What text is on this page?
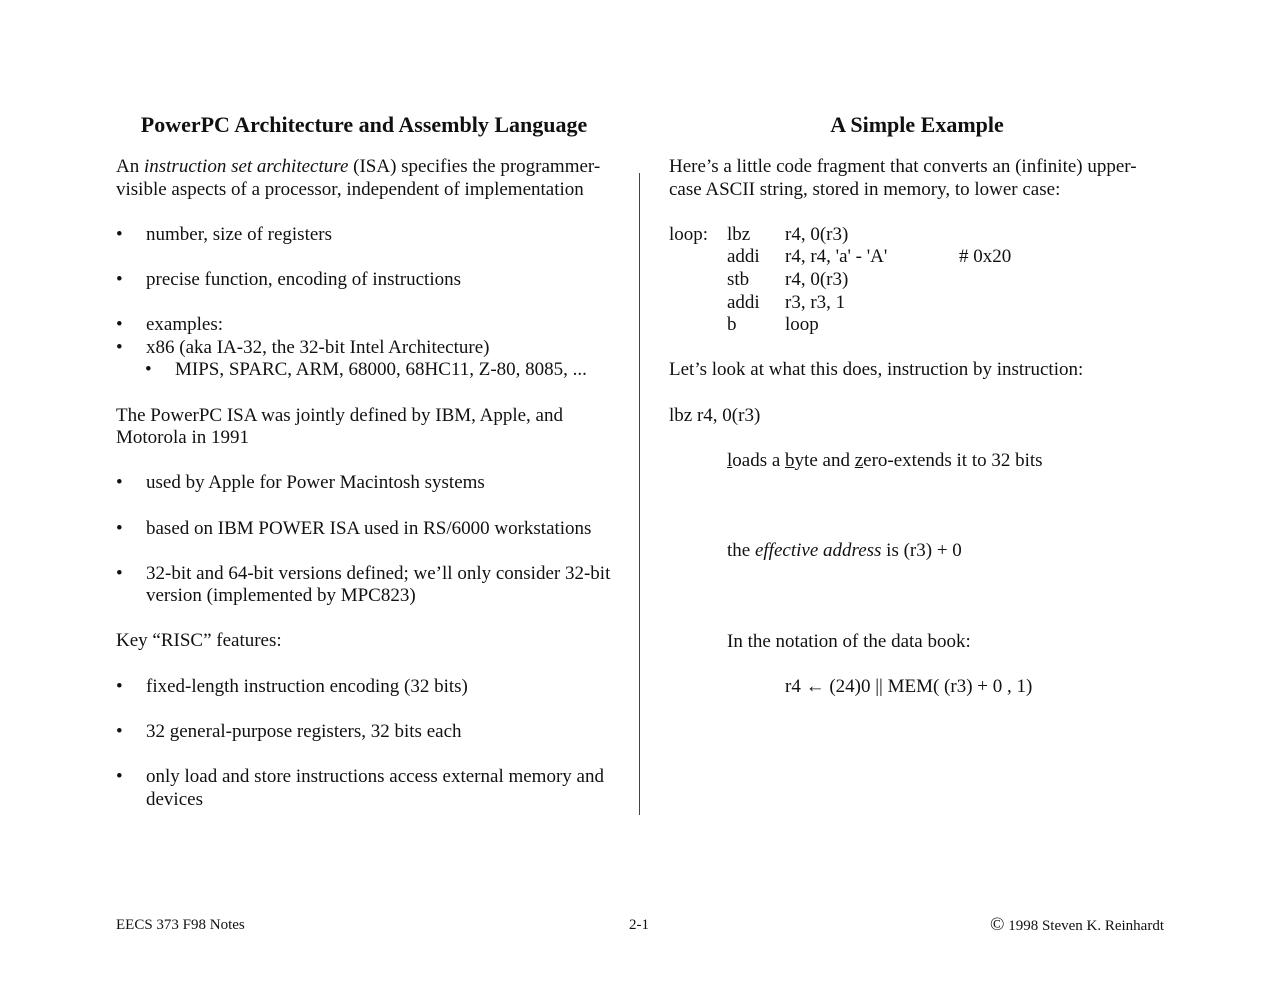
PowerPC Architecture and Assembly Language
An instruction set architecture (ISA) specifies the programmer-visible aspects of a processor, independent of implementation
•	number, size of registers
•	precise function, encoding of instructions
•	examples:
•	x86 (aka IA-32, the 32-bit Intel Architecture)
•	MIPS, SPARC, ARM, 68000, 68HC11, Z-80, 8085, ...
The PowerPC ISA was jointly defined by IBM, Apple, and Motorola in 1991
•	used by Apple for Power Macintosh systems
•	based on IBM POWER ISA used in RS/6000 workstations
•	32-bit and 64-bit versions defined; we’ll only consider 32-bit version (implemented by MPC823)
Key “RISC” features:
•	fixed-length instruction encoding (32 bits)
•	32 general-purpose registers, 32 bits each
•	only load and store instructions access external memory and devices
A Simple Example
Here’s a little code fragment that converts an (infinite) upper-case ASCII string, stored in memory, to lower case:
loop: lbz	r4, 0(r3)
addi	r4, r4, 'a' - 'A'	# 0x20
stb	r4, 0(r3)
addi	r3, r3, 1
b	loop
Let’s look at what this does, instruction by instruction:
lbz r4, 0(r3)
loads a byte and zero-extends it to 32 bits
the effective address is (r3) + 0
In the notation of the data book:
r4 ← (24)0 || MEM( (r3) + 0 , 1)
EECS 373 F98 Notes	2-1	© 1998 Steven K. Reinhardt
